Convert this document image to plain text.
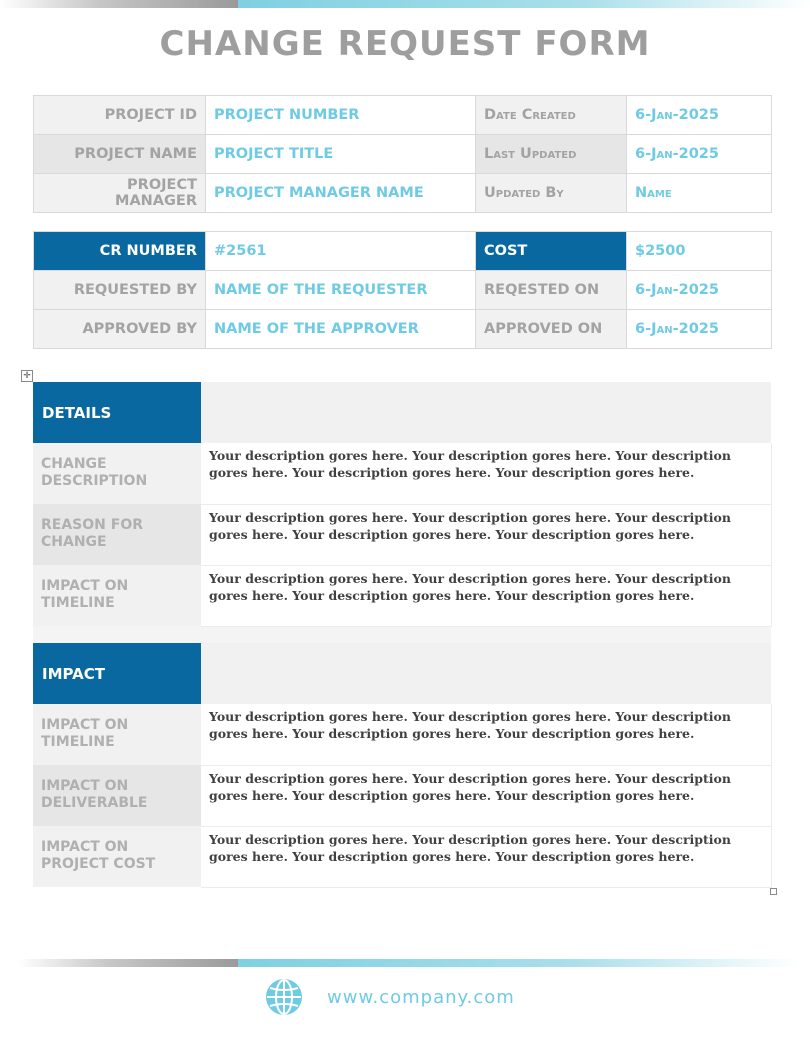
CHANGE REQUEST FORM
PROJECT ID	PROJECT NUMBER	Date Created	6-Jan-2025
PROJECT NAME	PROJECT TITLE	Last Updated	6-Jan-2025
PROJECT MANAGER	PROJECT MANAGER NAME	Updated By	Name
CR NUMBER	#2561	COST	$2500
REQUESTED BY	NAME OF THE REQUESTER	REQESTED ON	6-Jan-2025
APPROVED BY	NAME OF THE APPROVER	APPROVED ON	6-Jan-2025
✛
DETAILS	
CHANGE DESCRIPTION	Your description gores here. Your description gores here. Your description gores here. Your description gores here. Your description gores here.
REASON FOR CHANGE	Your description gores here. Your description gores here. Your description gores here. Your description gores here. Your description gores here.
IMPACT ON TIMELINE	Your description gores here. Your description gores here. Your description gores here. Your description gores here. Your description gores here.

IMPACT	
IMPACT ON TIMELINE	Your description gores here. Your description gores here. Your description gores here. Your description gores here. Your description gores here.
IMPACT ON DELIVERABLE	Your description gores here. Your description gores here. Your description gores here. Your description gores here. Your description gores here.
IMPACT ON PROJECT COST	Your description gores here. Your description gores here. Your description gores here. Your description gores here. Your description gores here.
www.company.com
